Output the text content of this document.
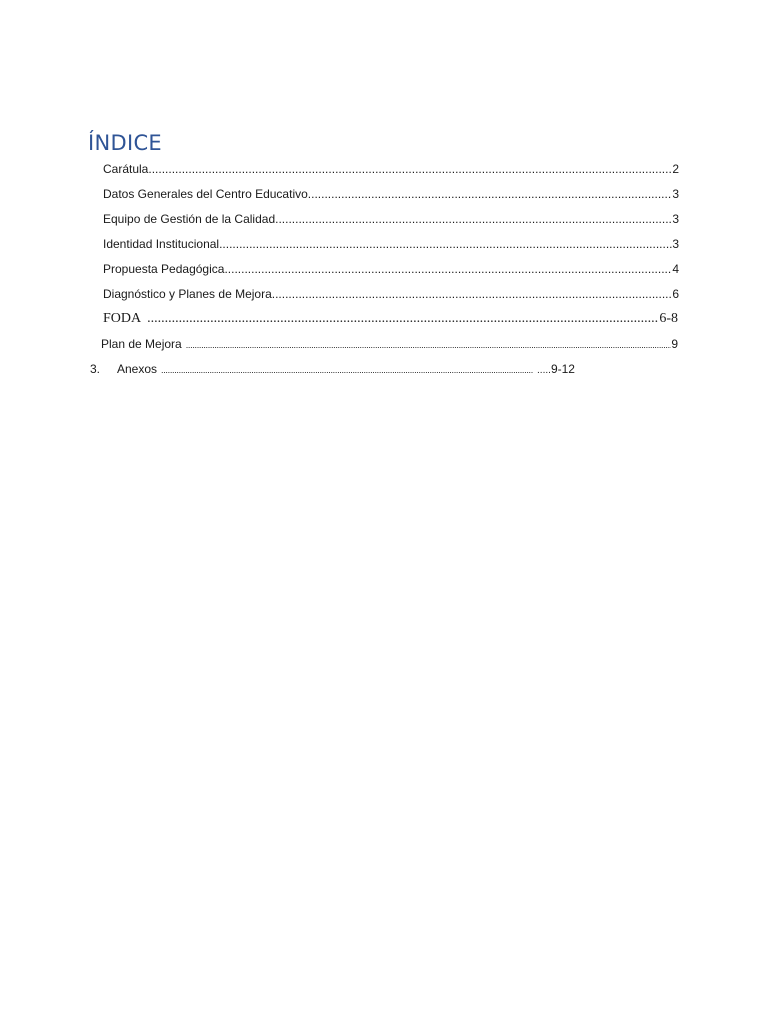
ÍNDICE
Carátula .....	2
Datos Generales del Centro Educativo .....	3
Equipo de Gestión de la Calidad .....	3
Identidad Institucional .....	3
Propuesta Pedagógica .....	4
Diagnóstico y Planes de Mejora .....	6
FODA .....	6-8
Plan de Mejora .....	9
3.	Anexos .....	..... 9-12
